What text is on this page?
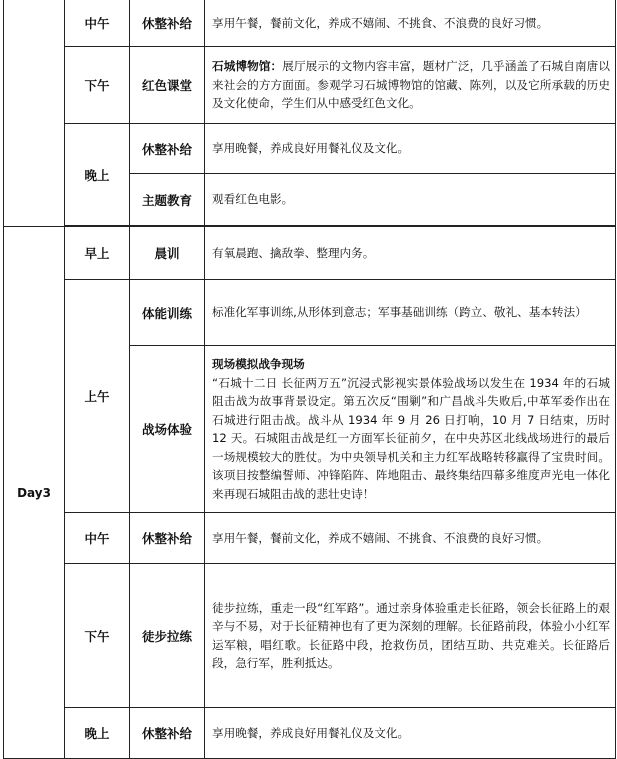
	中午	休整补给	享用午餐，餐前文化，养成不嬉闹、不挑食、不浪费的良好习惯。
	下午	红色课堂	石城博物馆：展厅展示的文物内容丰富，题材广泛，几乎涵盖了石城自南唐以来社会的方方面面。参观学习石城博物馆的馆藏、陈列，以及它所承载的历史及文化使命，学生们从中感受红色文化。
	晚上	休整补给	享用晚餐，养成良好用餐礼仪及文化。
		主题教育	观看红色电影。

Day3	早上	晨训	有氧晨跑、擒敌拳、整理内务。
	上午	体能训练	标准化军事训练,从形体到意志；军事基础训练（跨立、敬礼、基本转法）
		战场体验	现场模拟战争现场
“石城十二日 长征两万五”沉浸式影视实景体验战场以发生在 1934 年的石城阻击战为故事背景设定。第五次反“围剿”和广昌战斗失败后,中革军委作出在石城进行阻击战。战斗从 1934 年 9 月 26 日打响，10 月 7 日结束，历时 12 天。石城阻击战是红一方面军长征前夕，在中央苏区北线战场进行的最后一场规模较大的胜仗。为中央领导机关和主力红军战略转移赢得了宝贵时间。该项目按整编誓师、冲锋陷阵、阵地阻击、最终集结四幕多维度声光电一体化来再现石城阻击战的悲壮史诗！
	中午	休整补给	享用午餐，餐前文化，养成不嬉闹、不挑食、不浪费的良好习惯。
	下午	徒步拉练	徒步拉练，重走一段“红军路”。通过亲身体验重走长征路，领会长征路上的艰辛与不易，对于长征精神也有了更为深刻的理解。长征路前段，体验小小红军运军粮，唱红歌。长征路中段，抢救伤员，团结互助、共克难关。长征路后段，急行军，胜利抵达。
	晚上	休整补给	享用晚餐，养成良好用餐礼仪及文化。
